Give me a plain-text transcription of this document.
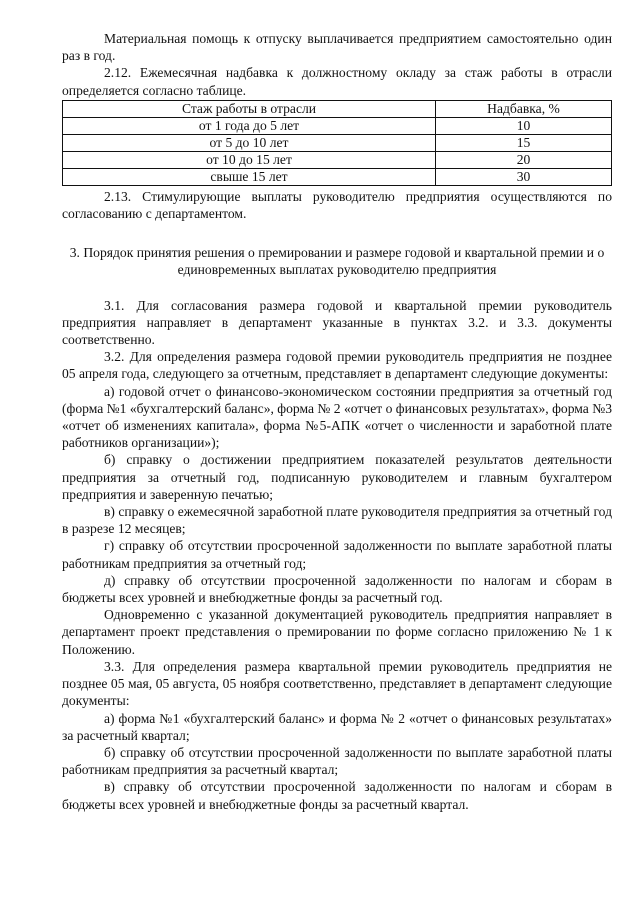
Материальная помощь к отпуску выплачивается предприятием самостоятельно один раз в год.

2.12. Ежемесячная надбавка к должностному окладу за стаж работы в отрасли определяется согласно таблице.

Стаж работы в отрасли	Надбавка, %
от 1 года до 5 лет	10
от 5 до 10 лет	15
от 10 до 15 лет	20
свыше 15 лет	30

2.13. Стимулирующие выплаты руководителю предприятия осуществляются по согласованию с департаментом.

3. Порядок принятия решения о премировании и размере годовой и квартальной премии и о единовременных выплатах руководителю предприятия

3.1. Для согласования размера годовой и квартальной премии руководитель предприятия направляет в департамент указанные в пунктах 3.2. и 3.3. документы соответственно.

3.2. Для определения размера годовой премии руководитель предприятия не позднее 05 апреля года, следующего за отчетным, представляет в департамент следующие документы:

а) годовой отчет о финансово-экономическом состоянии предприятия за отчетный год (форма №1 «бухгалтерский баланс», форма № 2 «отчет о финансовых результатах», форма №3 «отчет об изменениях капитала», форма №5-АПК «отчет о численности и заработной плате работников организации»);

б) справку о достижении предприятием показателей результатов деятельности предприятия за отчетный год, подписанную руководителем и главным бухгалтером предприятия и заверенную печатью;

в) справку о ежемесячной заработной плате руководителя предприятия за отчетный год в разрезе 12 месяцев;

г) справку об отсутствии просроченной задолженности по выплате заработной платы работникам предприятия за отчетный год;

д) справку об отсутствии просроченной задолженности по налогам и сборам в бюджеты всех уровней и внебюджетные фонды за расчетный год.

Одновременно с указанной документацией руководитель предприятия направляет в департамент проект представления о премировании по форме согласно приложению № 1 к Положению.

3.3. Для определения размера квартальной премии руководитель предприятия не позднее 05 мая, 05 августа, 05 ноября соответственно, представляет в департамент следующие документы:

а) форма №1 «бухгалтерский баланс» и форма № 2 «отчет о финансовых результатах» за расчетный квартал;

б) справку об отсутствии просроченной задолженности по выплате заработной платы работникам предприятия за расчетный квартал;

в) справку об отсутствии просроченной задолженности по налогам и сборам в бюджеты всех уровней и внебюджетные фонды за расчетный квартал.
